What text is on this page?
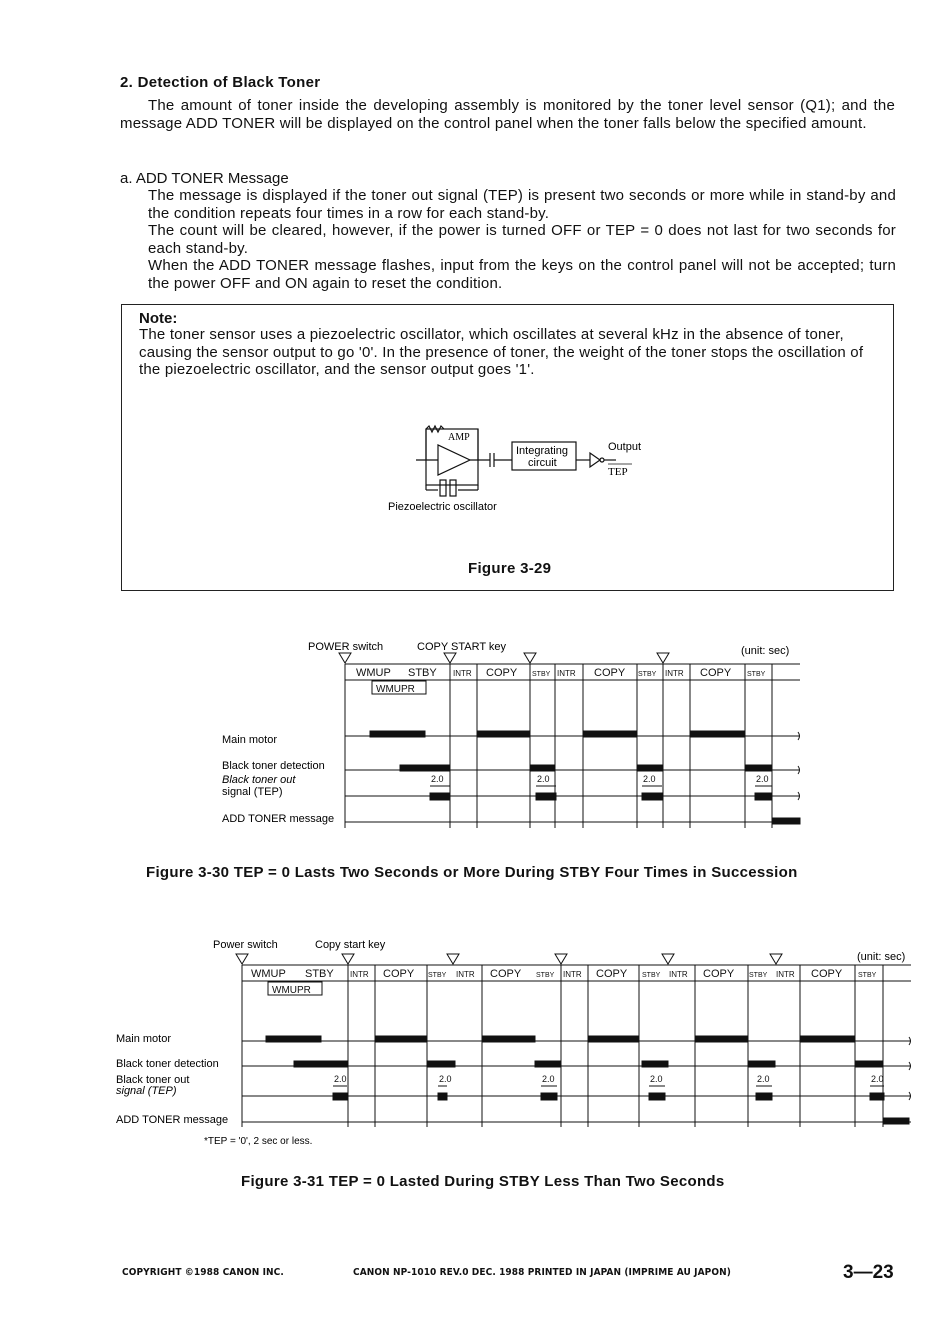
2. Detection of Black Toner
The amount of toner inside the developing assembly is monitored by the toner level sensor (Q1); and the message ADD TONER will be displayed on the control panel when the toner falls below the specified amount.
a. ADD TONER Message
The message is displayed if the toner out signal (TEP) is present two seconds or more while in stand-by and the condition repeats four times in a row for each stand-by.
The count will be cleared, however, if the power is turned OFF or TEP = 0 does not last for two seconds for each stand-by.
When the ADD TONER message flashes, input from the keys on the control panel will not be accepted; turn the power OFF and ON again to reset the condition.
Note:
The toner sensor uses a piezoelectric oscillator, which oscillates at several kHz in the absence of toner, causing the sensor output to go '0'. In the presence of toner, the weight of the toner stops the oscillation of the piezoelectric oscillator, and the sensor output goes '1'.
AMP
Integrating
circuit
Output
TEP
Piezoelectric oscillator
Figure 3-29
POWER switch	COPY START key	(unit: sec)
Main motor
Black toner detection
Black toner out
signal (TEP)
ADD TONER message
WMUP STBY INTR COPY STBY INTR COPY STBY INTR COPY STBY
WMUPR
2.0	2.0	2.0	2.0
Figure 3-30 TEP = 0 Lasts Two Seconds or More During STBY Four Times in Succession
Power switch	Copy start key
(unit: sec)
Main motor
Black toner detection
Black toner out
signal (TEP)
ADD TONER message
*TEP = '0', 2 sec or less.
WMUP STBY INTR COPY STBY INTR COPY STBY INTR COPY STBY INTR COPY STBY INTR COPY STBY
WMUPR
2.0	2.0	2.0	2.0	2.0	2.0
Figure 3-31 TEP = 0 Lasted During STBY Less Than Two Seconds
COPYRIGHT ©1988 CANON INC.	CANON NP-1010 REV.0 DEC. 1988 PRINTED IN JAPAN (IMPRIME AU JAPON)	3—23
